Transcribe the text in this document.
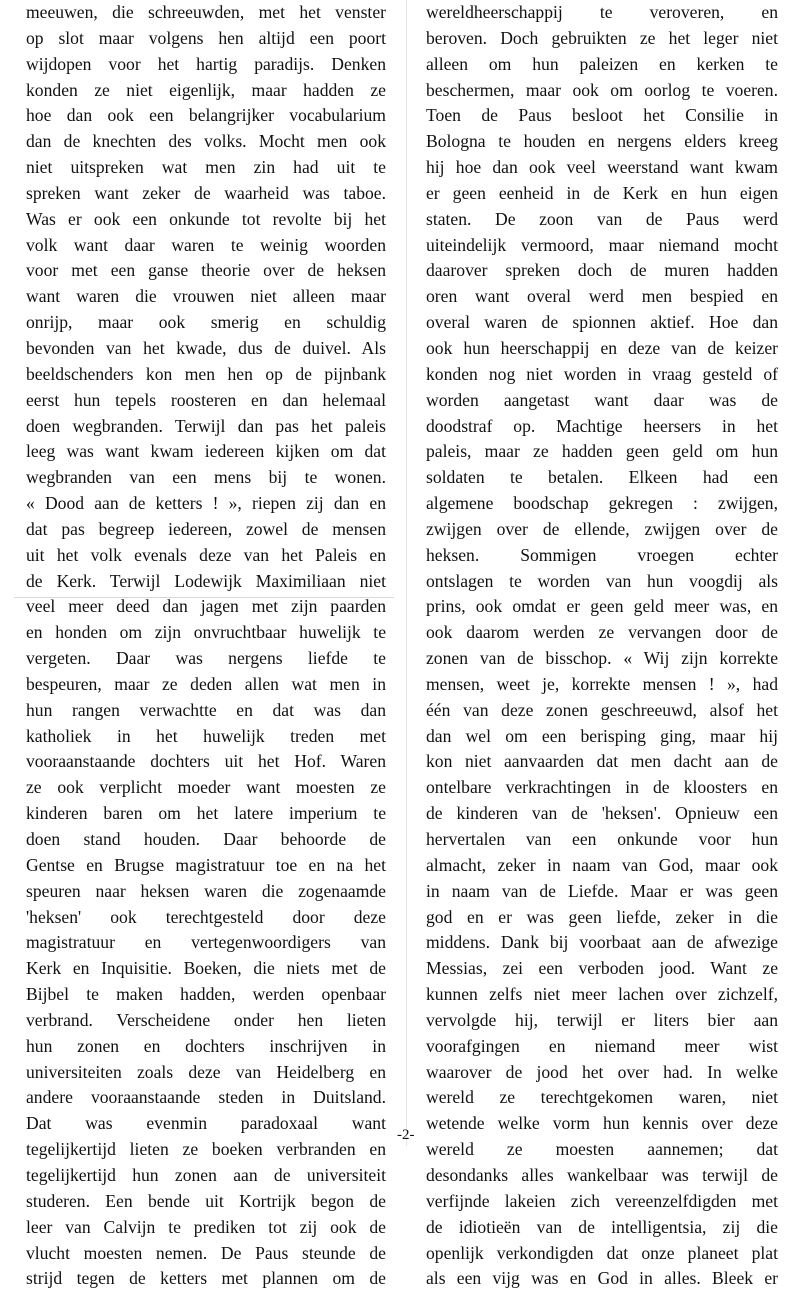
meeuwen, die schreeuwden, met het venster
op slot maar volgens hen altijd een poort
wijdopen voor het hartig paradijs. Denken
konden ze niet eigenlijk, maar hadden ze
hoe dan ook een belangrijker vocabularium
dan de knechten des volks. Mocht men ook
niet uitspreken wat men zin had uit te
spreken want zeker de waarheid was taboe.
Was er ook een onkunde tot revolte bij het
volk want daar waren te weinig woorden
voor met een ganse theorie over de heksen
want waren die vrouwen niet alleen maar
onrijp, maar ook smerig en schuldig
bevonden van het kwade, dus de duivel. Als
beeldschenders kon men hen op de pijnbank
eerst hun tepels roosteren en dan helemaal
doen wegbranden. Terwijl dan pas het paleis
leeg was want kwam iedereen kijken om dat
wegbranden van een mens bij te wonen.
« Dood aan de ketters ! », riepen zij dan en
dat pas begreep iedereen, zowel de mensen
uit het volk evenals deze van het Paleis en
de Kerk. Terwijl Lodewijk Maximiliaan niet
veel meer deed dan jagen met zijn paarden
en honden om zijn onvruchtbaar huwelijk te
vergeten. Daar was nergens liefde te
bespeuren, maar ze deden allen wat men in
hun rangen verwachtte en dat was dan
katholiek in het huwelijk treden met
vooraanstaande dochters uit het Hof. Waren
ze ook verplicht moeder want moesten ze
kinderen baren om het latere imperium te
doen stand houden. Daar behoorde de
Gentse en Brugse magistratuur toe en na het
speuren naar heksen waren die zogenaamde
'heksen' ook terechtgesteld door deze
magistratuur en vertegenwoordigers van
Kerk en Inquisitie. Boeken, die niets met de
Bijbel te maken hadden, werden openbaar
verbrand. Verscheidene onder hen lieten
hun zonen en dochters inschrijven in
universiteiten zoals deze van Heidelberg en
andere vooraanstaande steden in Duitsland.
Dat was evenmin paradoxaal want
tegelijkertijd lieten ze boeken verbranden en
tegelijkertijd hun zonen aan de universiteit
studeren. Een bende uit Kortrijk begon de
leer van Calvijn te prediken tot zij ook de
vlucht moesten nemen. De Paus steunde de
strijd tegen de ketters met plannen om de
wereldheerschappij te veroveren, en
beroven. Doch gebruikten ze het leger niet
alleen om hun paleizen en kerken te
beschermen, maar ook om oorlog te voeren.
Toen de Paus besloot het Consilie in
Bologna te houden en nergens elders kreeg
hij hoe dan ook veel weerstand want kwam
er geen eenheid in de Kerk en hun eigen
staten. De zoon van de Paus werd
uiteindelijk vermoord, maar niemand mocht
daarover spreken doch de muren hadden
oren want overal werd men bespied en
overal waren de spionnen aktief. Hoe dan
ook hun heerschappij en deze van de keizer
konden nog niet worden in vraag gesteld of
worden aangetast want daar was de
doodstraf op. Machtige heersers in het
paleis, maar ze hadden geen geld om hun
soldaten te betalen. Elkeen had een
algemene boodschap gekregen : zwijgen,
zwijgen over de ellende, zwijgen over de
heksen. Sommigen vroegen echter
ontslagen te worden van hun voogdij als
prins, ook omdat er geen geld meer was, en
ook daarom werden ze vervangen door de
zonen van de bisschop. « Wij zijn korrekte
mensen, weet je, korrekte mensen ! », had
één van deze zonen geschreeuwd, alsof het
dan wel om een berisping ging, maar hij
kon niet aanvaarden dat men dacht aan de
ontelbare verkrachtingen in de kloosters en
de kinderen van de 'heksen'. Opnieuw een
hervertalen van een onkunde voor hun
almacht, zeker in naam van God, maar ook
in naam van de Liefde. Maar er was geen
god en er was geen liefde, zeker in die
middens. Dank bij voorbaat aan de afwezige
Messias, zei een verboden jood. Want ze
kunnen zelfs niet meer lachen over zichzelf,
vervolgde hij, terwijl er liters bier aan
voorafgingen en niemand meer wist
waarover de jood het over had. In welke
wereld ze terechtgekomen waren, niet
wetende welke vorm hun kennis over deze
wereld ze moesten aannemen; dat
desondanks alles wankelbaar was terwijl de
verfijnde lakeien zich vereenzelfdigden met
de idiotieën van de intelligentsia, zij die
openlijk verkondigden dat onze planeet plat
als een vijg was en God in alles. Bleek er
-2-
